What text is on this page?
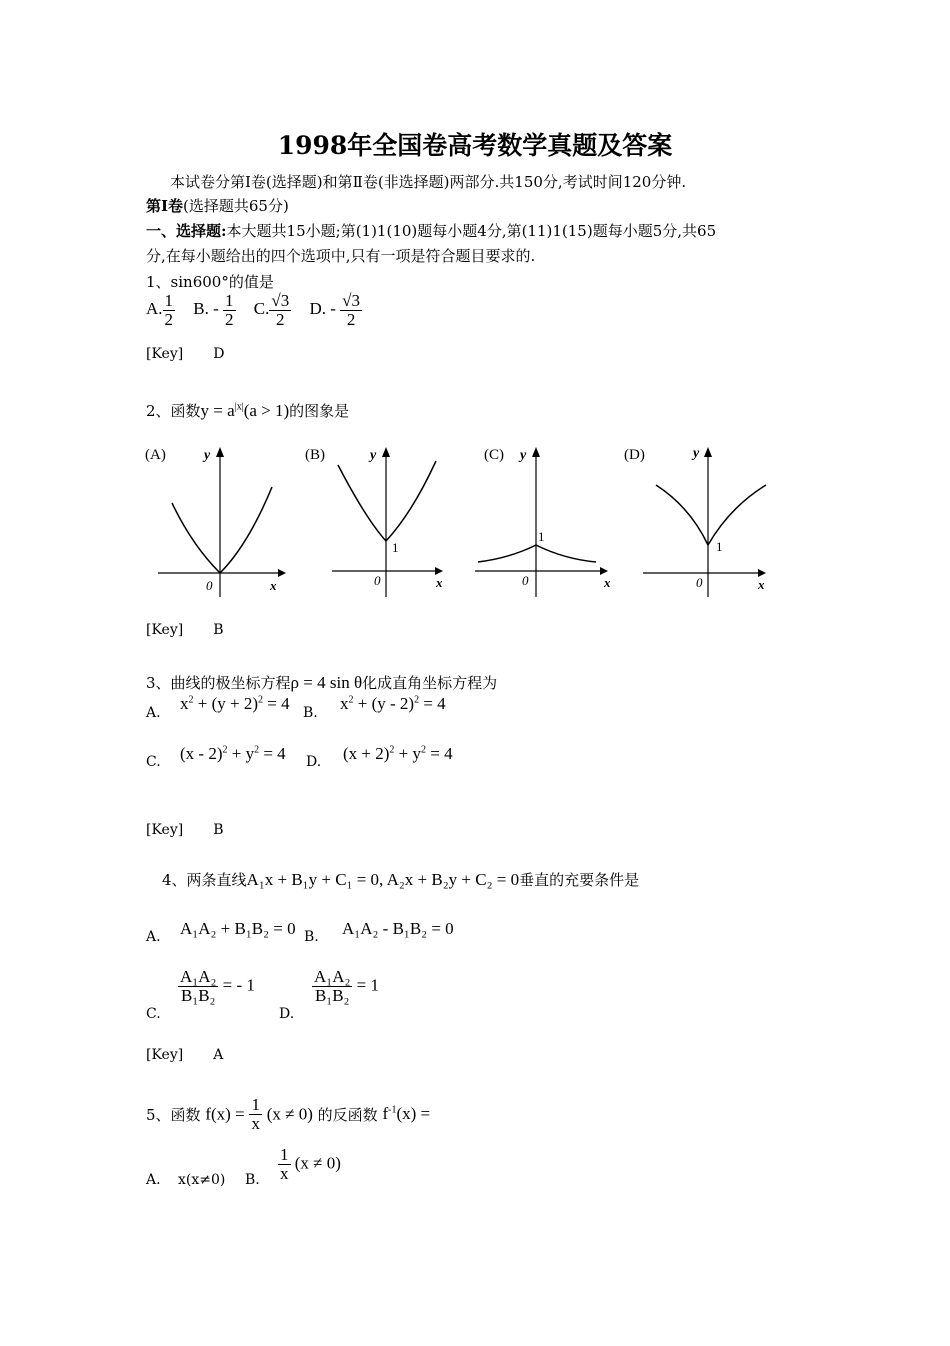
1998年全国卷高考数学真题及答案
本试卷分第Ⅰ卷(选择题)和第Ⅱ卷(非选择题)两部分.共150分,考试时间120分钟.
第Ⅰ卷(选择题共65分)
一、选择题:本大题共15小题;第(1)1(10)题每小题4分,第(11)1(15)题每小题5分,共65
分,在每小题给出的四个选项中,只有一项是符合题目要求的.
1、sin600°的值是
A. $\frac{1}{2} B$. - $\frac{1}{2} C$. $\frac{√3}{2} D$. - $\frac{√3}{2}$
[Key] D
2、函数$y = a^{|x|}(a > 1)$的图象是
(A)
0	x
y	(B)
1
0	x
y	(C)
1
0	x
y	(D)
1
0	x
y
[Key] B
3、曲线的极坐标方程ρ = 4 sin θ化成直角坐标方程为
A. $x^2 + (y + 2)^2 = 4$ B. $x^2 + (y - 2)^2 = 4$
C. $(x - 2)^2 + y^2 = 4$ D. $(x + 2)^2 + y^2 = 4$
[Key] B
4、两条直线A₁x + B₁y + C₁ = 0, A₂x + B₂y + C₂ = 0垂直的充要条件是
A. A₁A₂ + B₁B₂ = 0 B. A₁A₂ - B₁B₂ = 0
$\frac{\text{A₁A₂}}{\text{B₁B₂}}$ = - 1
C.
$\frac{\text{A₁A₂}}{\text{B₁B₂}} = 1$
D.
[Key] A
5、函数 $f(x) = \frac{1}{x} (x \ne 0)$ 的反函数 $f^{-1}(x)$ =
A. x(x≠0) B. $\frac{1}{x} (x \ne 0)$
